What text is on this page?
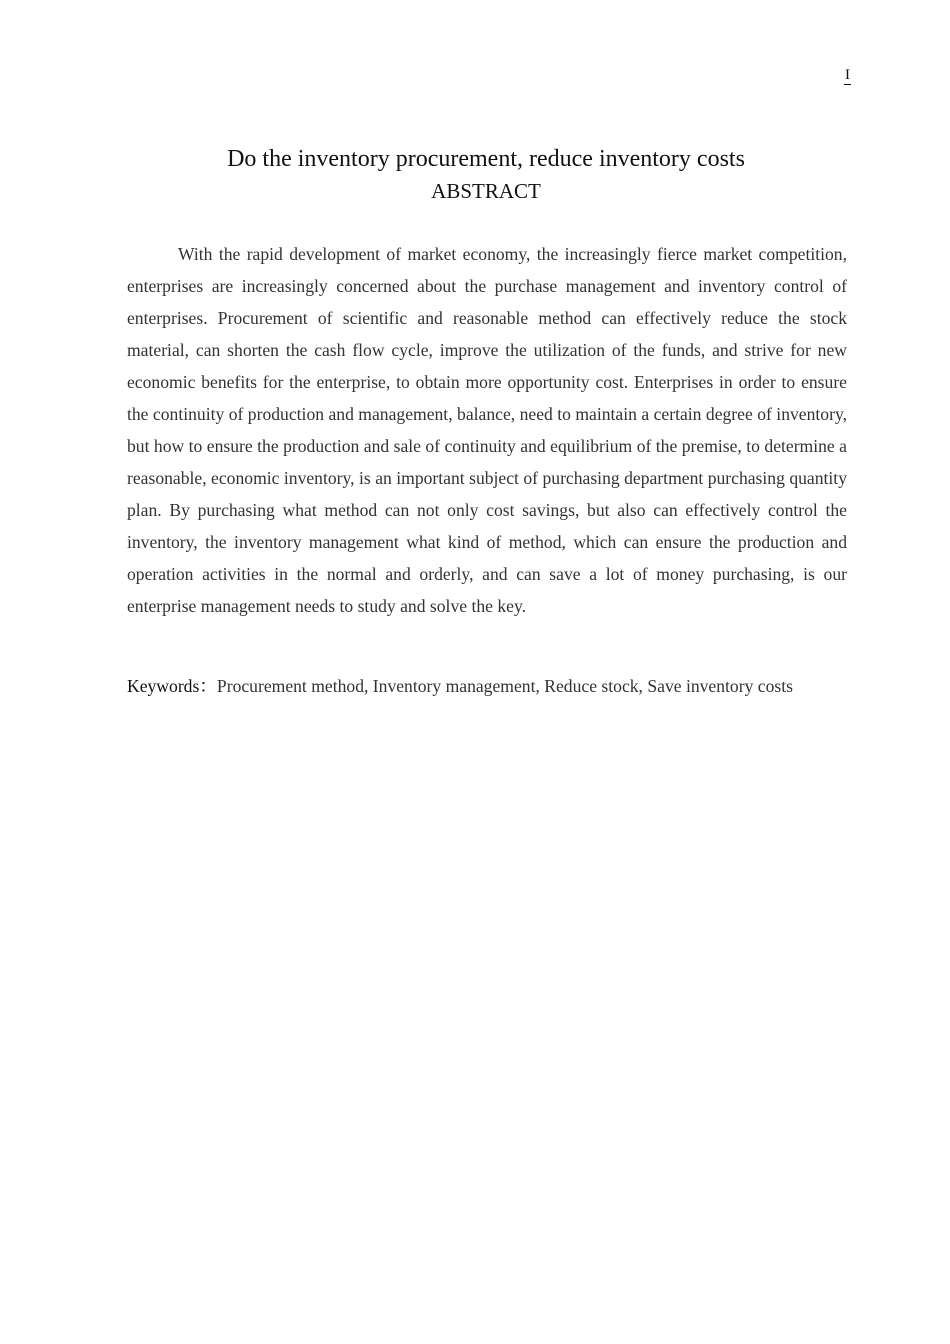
I
Do the inventory procurement, reduce inventory costs
ABSTRACT

With the rapid development of market economy, the increasingly fierce market competition, enterprises are increasingly concerned about the purchase management and inventory control of enterprises. Procurement of scientific and reasonable method can effectively reduce the stock material, can shorten the cash flow cycle, improve the utilization of the funds, and strive for new economic benefits for the enterprise, to obtain more opportunity cost. Enterprises in order to ensure the continuity of production and management, balance, need to maintain a certain degree of inventory, but how to ensure the production and sale of continuity and equilibrium of the premise, to determine a reasonable, economic inventory, is an important subject of purchasing department purchasing quantity plan. By purchasing what method can not only cost savings, but also can effectively control the inventory, the inventory management what kind of method, which can ensure the production and operation activities in the normal and orderly, and can save a lot of money purchasing, is our enterprise management needs to study and solve the key.

Keywords：Procurement method, Inventory management, Reduce stock, Save inventory costs
